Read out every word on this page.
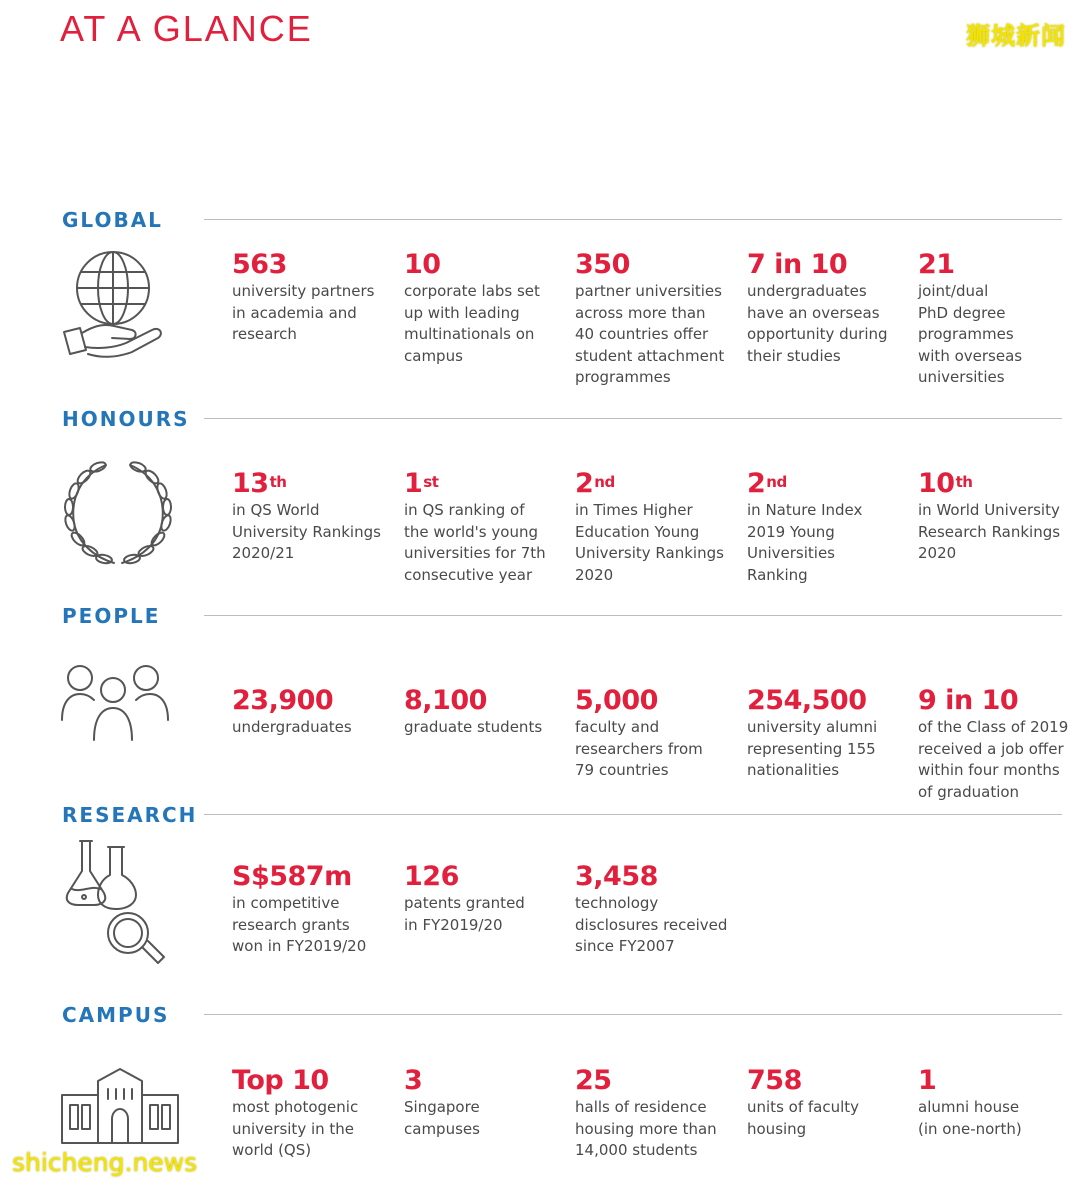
AT A GLANCE	狮城新闻
GLOBAL
563
university partners
in academia and
research
10
corporate labs set
up with leading
multinationals on
campus
350
partner universities
across more than
40 countries offer
student attachment
programmes
7 in 10
undergraduates
have an overseas
opportunity during
their studies
21
joint/dual
PhD degree
programmes
with overseas
universities
HONOURS
13th
in QS World
University Rankings
2020/21
1st
in QS ranking of
the world's young
universities for 7th
consecutive year
2nd
in Times Higher
Education Young
University Rankings
2020
2nd
in Nature Index
2019 Young
Universities
Ranking
10th
in World University
Research Rankings
2020
PEOPLE
23,900
undergraduates
8,100
graduate students
5,000
faculty and
researchers from
79 countries
254,500
university alumni
representing 155
nationalities
9 in 10
of the Class of 2019
received a job offer
within four months
of graduation
RESEARCH
S$587m
in competitive
research grants
won in FY2019/20
126
patents granted
in FY2019/20
3,458
technology
disclosures received
since FY2007
CAMPUS
Top 10
most photogenic
university in the
world (QS)
3
Singapore
campuses
25
halls of residence
housing more than
14,000 students
758
units of faculty
housing
1
alumni house
(in one-north)
shicheng.news
